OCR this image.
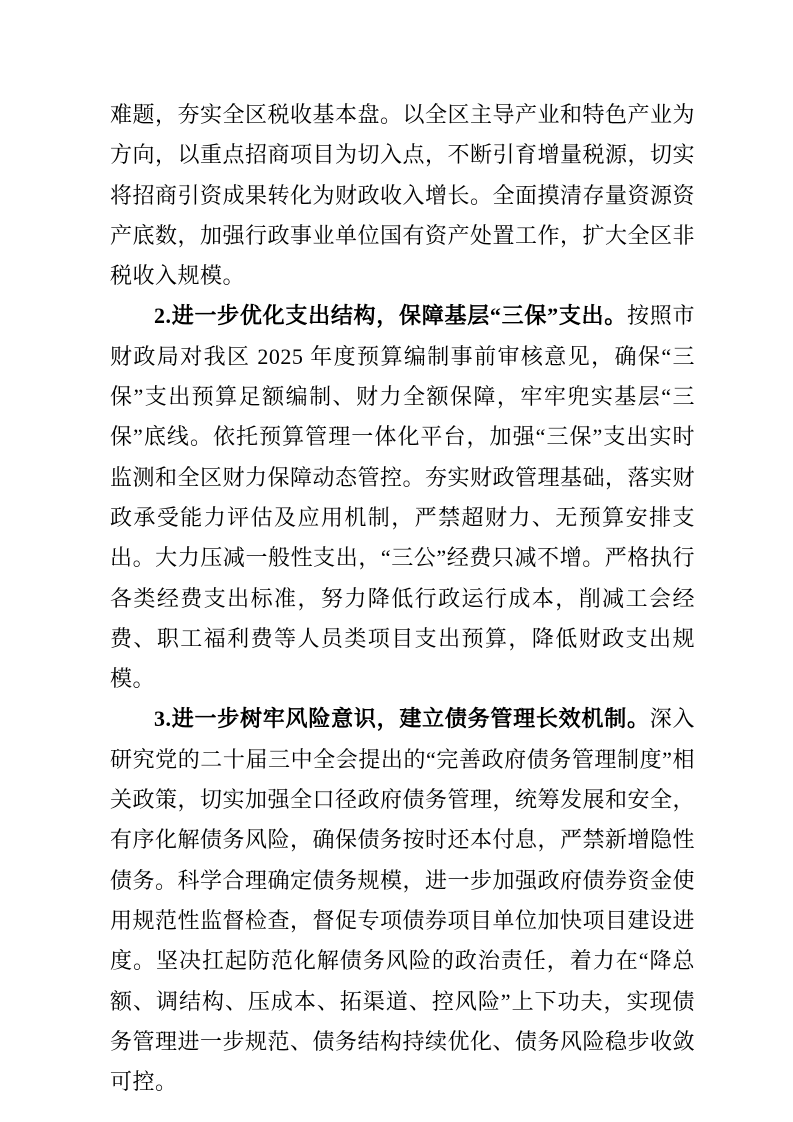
难题，夯实全区税收基本盘。以全区主导产业和特色产业为方向，以重点招商项目为切入点，不断引育增量税源，切实将招商引资成果转化为财政收入增长。全面摸清存量资源资产底数，加强行政事业单位国有资产处置工作，扩大全区非税收入规模。

2.进一步优化支出结构，保障基层“三保”支出。按照市财政局对我区 2025 年度预算编制事前审核意见，确保“三保”支出预算足额编制、财力全额保障，牢牢兜实基层“三保”底线。依托预算管理一体化平台，加强“三保”支出实时监测和全区财力保障动态管控。夯实财政管理基础，落实财政承受能力评估及应用机制，严禁超财力、无预算安排支出。大力压减一般性支出，“三公”经费只减不增。严格执行各类经费支出标准，努力降低行政运行成本，削减工会经费、职工福利费等人员类项目支出预算，降低财政支出规模。

3.进一步树牢风险意识，建立债务管理长效机制。深入研究党的二十届三中全会提出的“完善政府债务管理制度”相关政策，切实加强全口径政府债务管理，统筹发展和安全，有序化解债务风险，确保债务按时还本付息，严禁新增隐性债务。科学合理确定债务规模，进一步加强政府债券资金使用规范性监督检查，督促专项债券项目单位加快项目建设进度。坚决扛起防范化解债务风险的政治责任，着力在“降总额、调结构、压成本、拓渠道、控风险”上下功夫，实现债务管理进一步规范、债务结构持续优化、债务风险稳步收敛可控。
